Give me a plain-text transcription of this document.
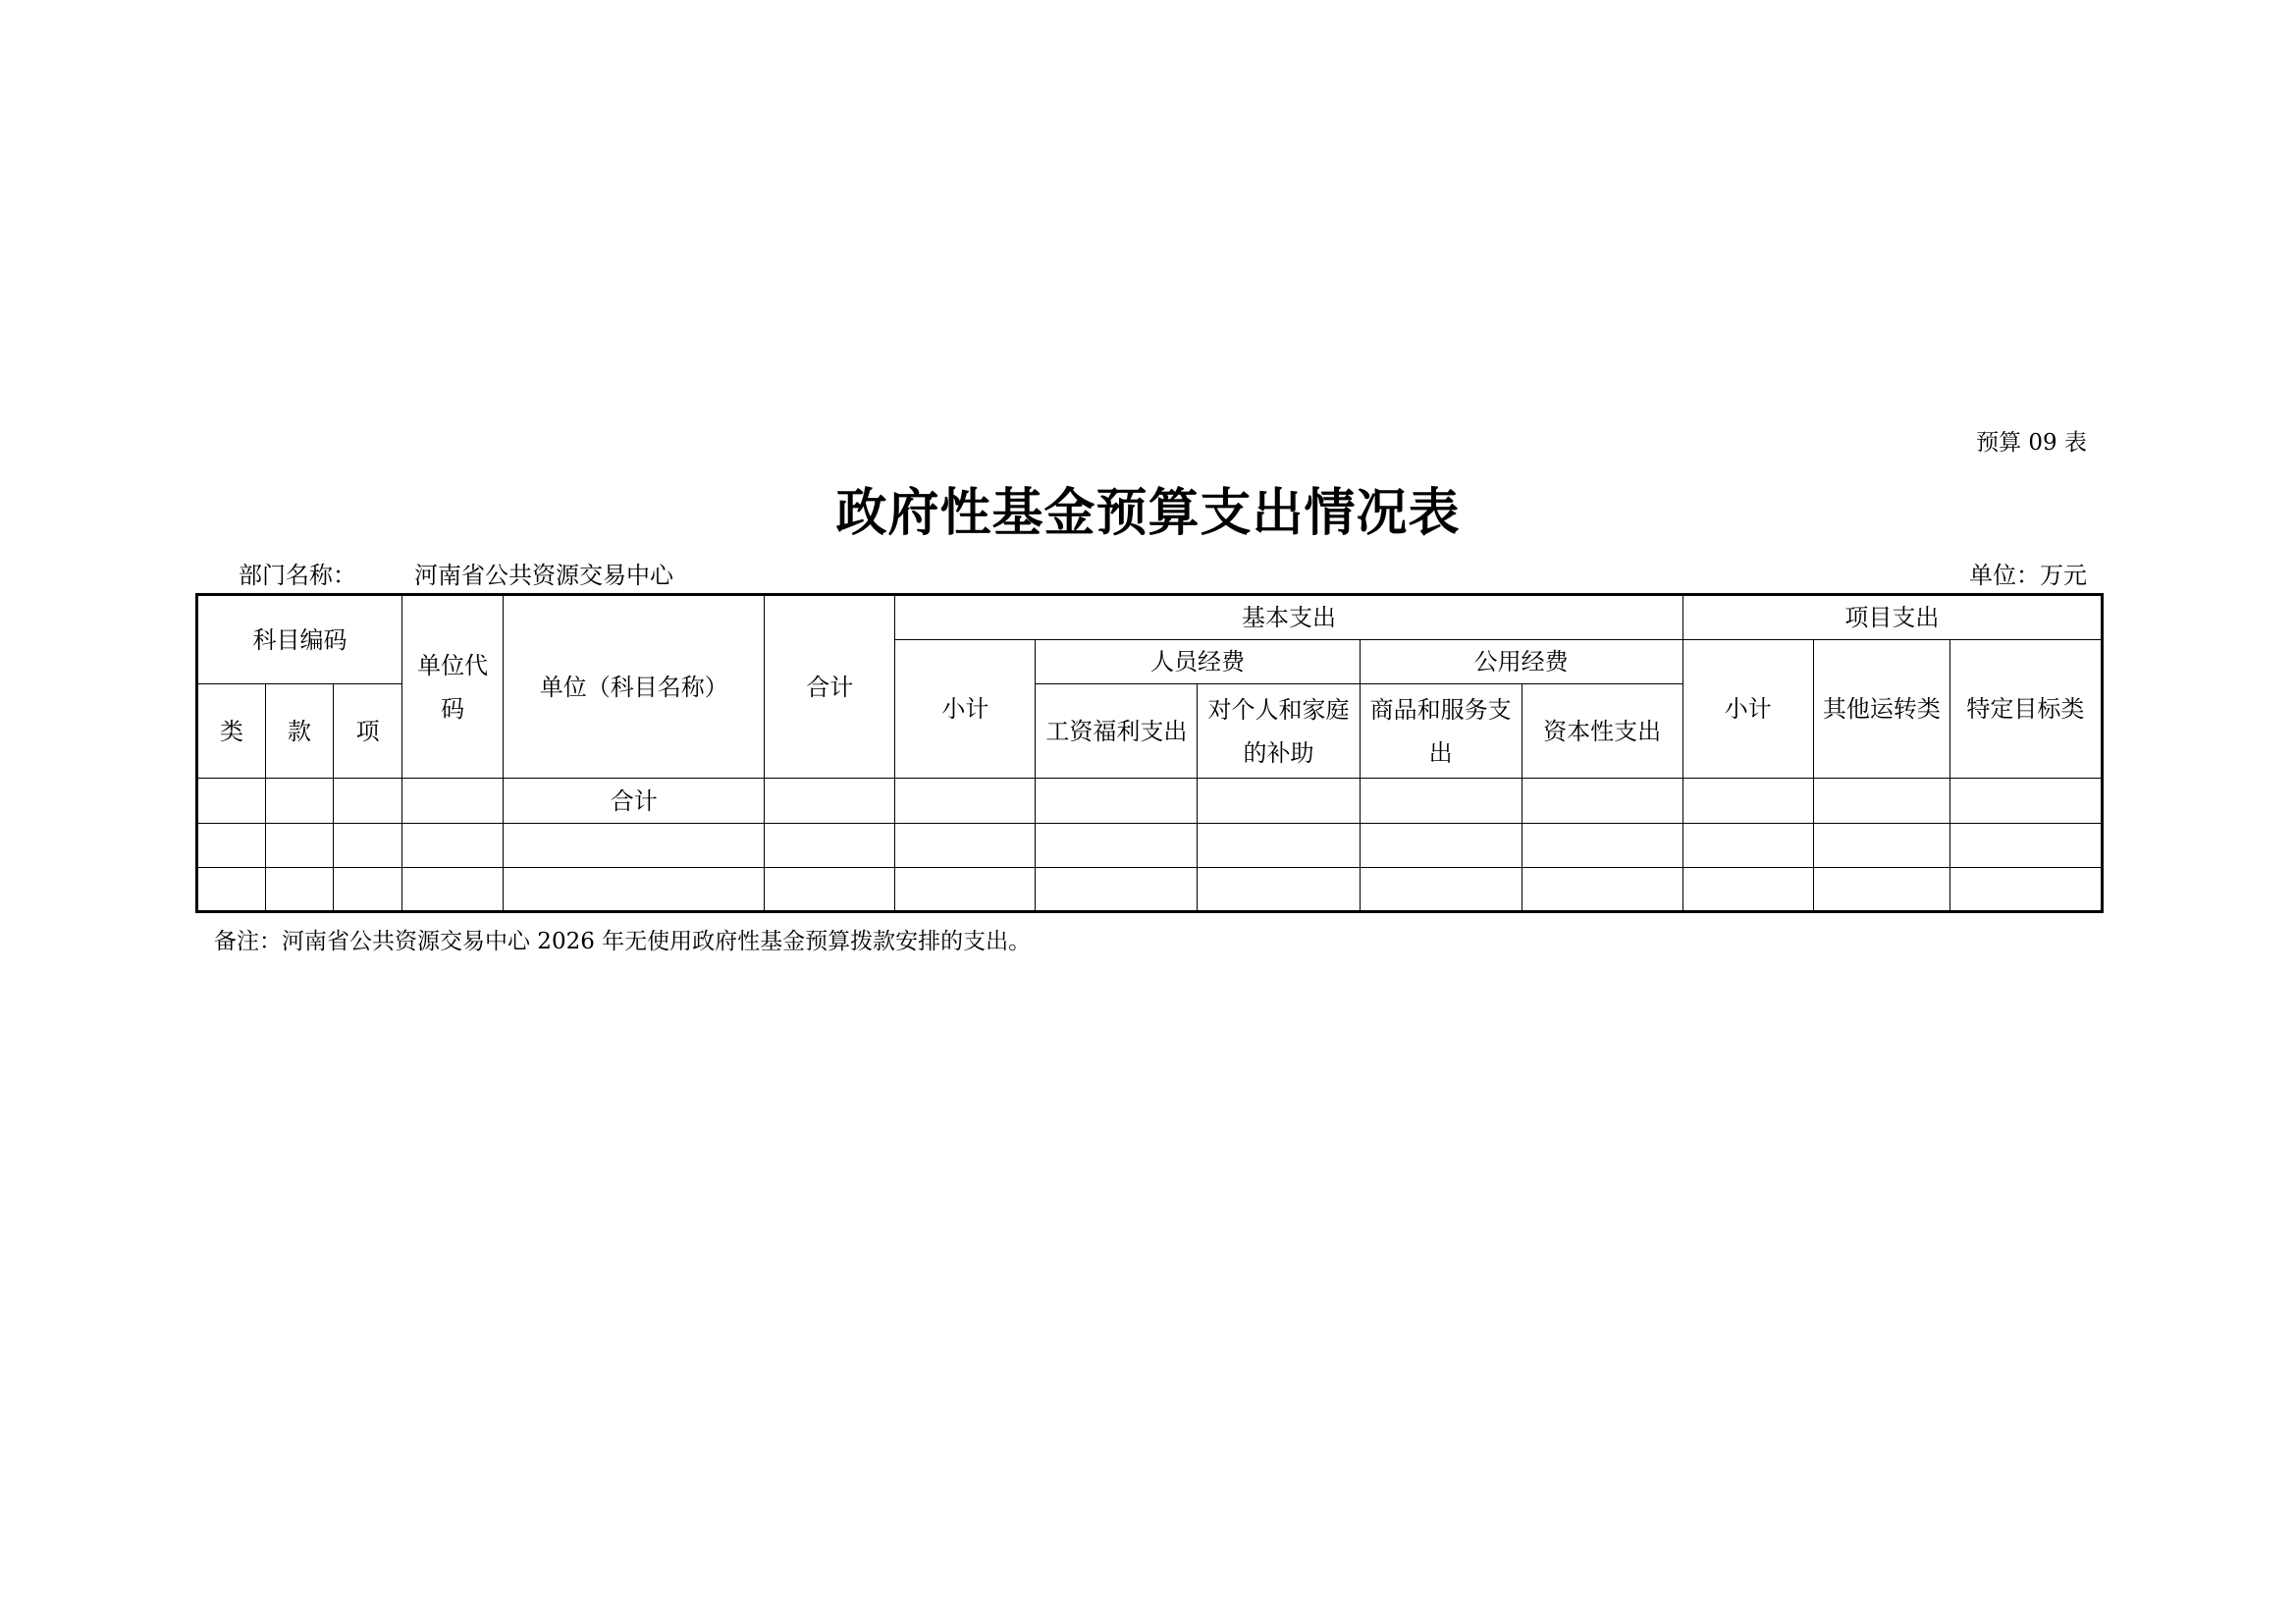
预算 09 表
政府性基金预算支出情况表
部门名称： 河南省公共资源交易中心	单位：万元
科目编码			单位代码	单位（科目名称）	合计	基本支出					项目支出		
						小计	人员经费		公用经费		小计	其他运转类	特定目标类
类	款	项					工资福利支出	对个人和家庭的补助	商品和服务支出	资本性支出			
				合计									

备注：河南省公共资源交易中心 2026 年无使用政府性基金预算拨款安排的支出。
